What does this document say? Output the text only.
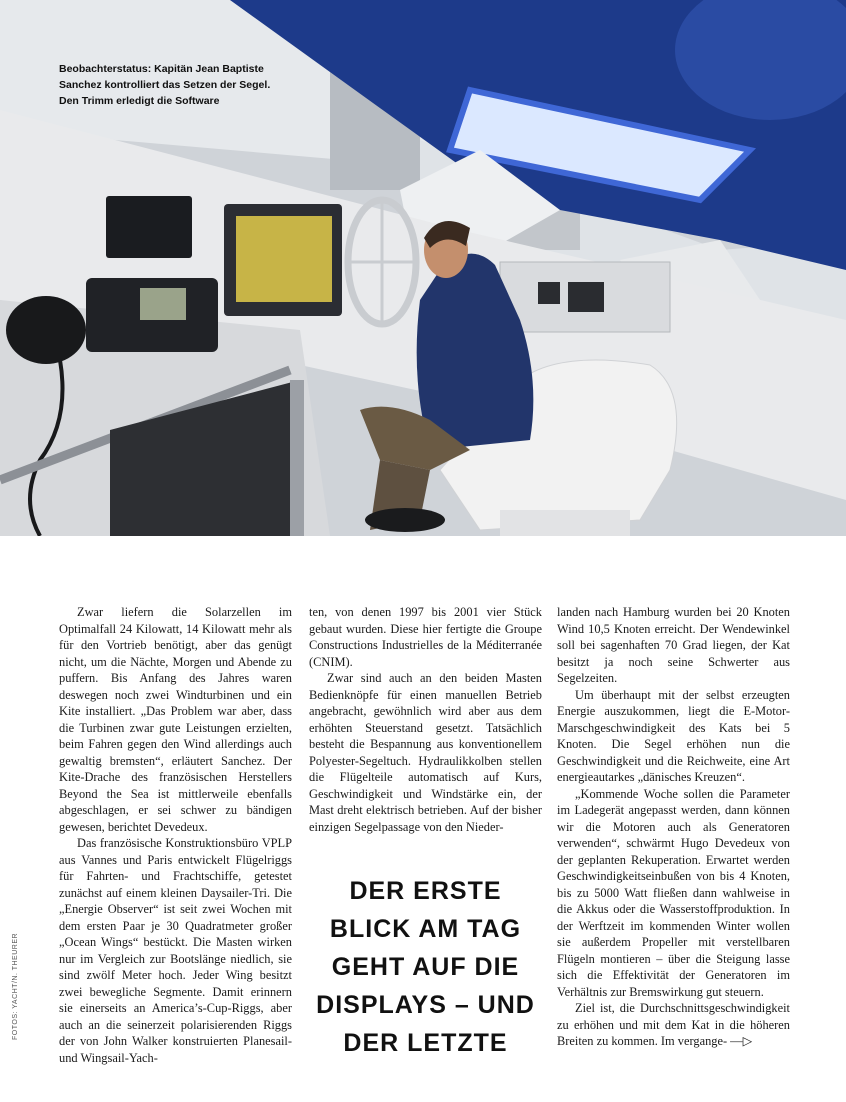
Beobachterstatus: Kapitän Jean Baptiste
Sanchez kontrolliert das Setzen der Segel.
Den Trimm erledigt die Software
FOTOS: YACHT/N. THEURER

Zwar liefern die Solarzellen im Optimalfall 24 Kilowatt, 14 Kilowatt mehr als für den Vortrieb benötigt, aber das genügt nicht, um die Nächte, Morgen und Abende zu puffern. Bis Anfang des Jahres waren deswegen noch zwei Windturbinen und ein Kite installiert. „Das Problem war aber, dass die Turbinen zwar gute Leistungen erzielten, beim Fahren gegen den Wind allerdings auch gewaltig bremsten“, erläutert Sanchez. Der Kite-Drache des französischen Herstellers Beyond the Sea ist mittlerweile ebenfalls abgeschlagen, er sei schwer zu bändigen gewesen, berichtet Devedeux.

Das französische Konstruktionsbüro VPLP aus Vannes und Paris entwickelt Flügelriggs für Fahrten- und Frachtschiffe, getestet zunächst auf einem kleinen Daysailer-Tri. Die „Energie Observer“ ist seit zwei Wochen mit dem ersten Paar je 30 Quadratmeter großer „Ocean Wings“ bestückt. Die Masten wirken nur im Vergleich zur Bootslänge niedlich, sie sind zwölf Meter hoch. Jeder Wing besitzt zwei bewegliche Segmente. Damit erinnern sie einerseits an America’s-Cup-Riggs, aber auch an die seinerzeit polarisierenden Riggs der von John Walker konstruierten Planesail- und Wingsail-Yach-

ten, von denen 1997 bis 2001 vier Stück gebaut wurden. Diese hier fertigte die Groupe Constructions Industrielles de la Méditerranée (CNIM).

Zwar sind auch an den beiden Masten Bedienknöpfe für einen manuellen Betrieb angebracht, gewöhnlich wird aber aus dem erhöhten Steuerstand gesetzt. Tatsächlich besteht die Bespannung aus konventionellem Polyester-Segeltuch. Hydraulikkolben stellen die Flügelteile automatisch auf Kurs, Geschwindigkeit und Windstärke ein, der Mast dreht elektrisch betrieben. Auf der bisher einzigen Segelpassage von den Nieder-

DER ERSTE
BLICK AM TAG
GEHT AUF DIE
DISPLAYS – UND
DER LETZTE

landen nach Hamburg wurden bei 20 Knoten Wind 10,5 Knoten erreicht. Der Wendewinkel soll bei sagenhaften 70 Grad liegen, der Kat besitzt ja noch seine Schwerter aus Segelzeiten.

Um überhaupt mit der selbst erzeugten Energie auszukommen, liegt die E-Motor-Marschgeschwindigkeit des Kats bei 5 Knoten. Die Segel erhöhen nun die Geschwindigkeit und die Reichweite, eine Art energieautarkes „dänisches Kreuzen“.

„Kommende Woche sollen die Parameter im Ladegerät angepasst werden, dann können wir die Motoren auch als Generatoren verwenden“, schwärmt Hugo Devedeux von der geplanten Rekuperation. Erwartet werden Geschwindigkeitseinbußen von bis 4 Knoten, bis zu 5000 Watt fließen dann wahlweise in die Akkus oder die Wasserstoffproduktion. In der Werftzeit im kommenden Winter wollen sie außerdem Propeller mit verstellbaren Flügeln montieren – über die Steigung lasse sich die Effektivität der Generatoren im Verhältnis zur Bremswirkung gut steuern.

Ziel ist, die Durchschnittsgeschwindigkeit zu erhöhen und mit dem Kat in die höheren Breiten zu kommen. Im vergange- —▷
